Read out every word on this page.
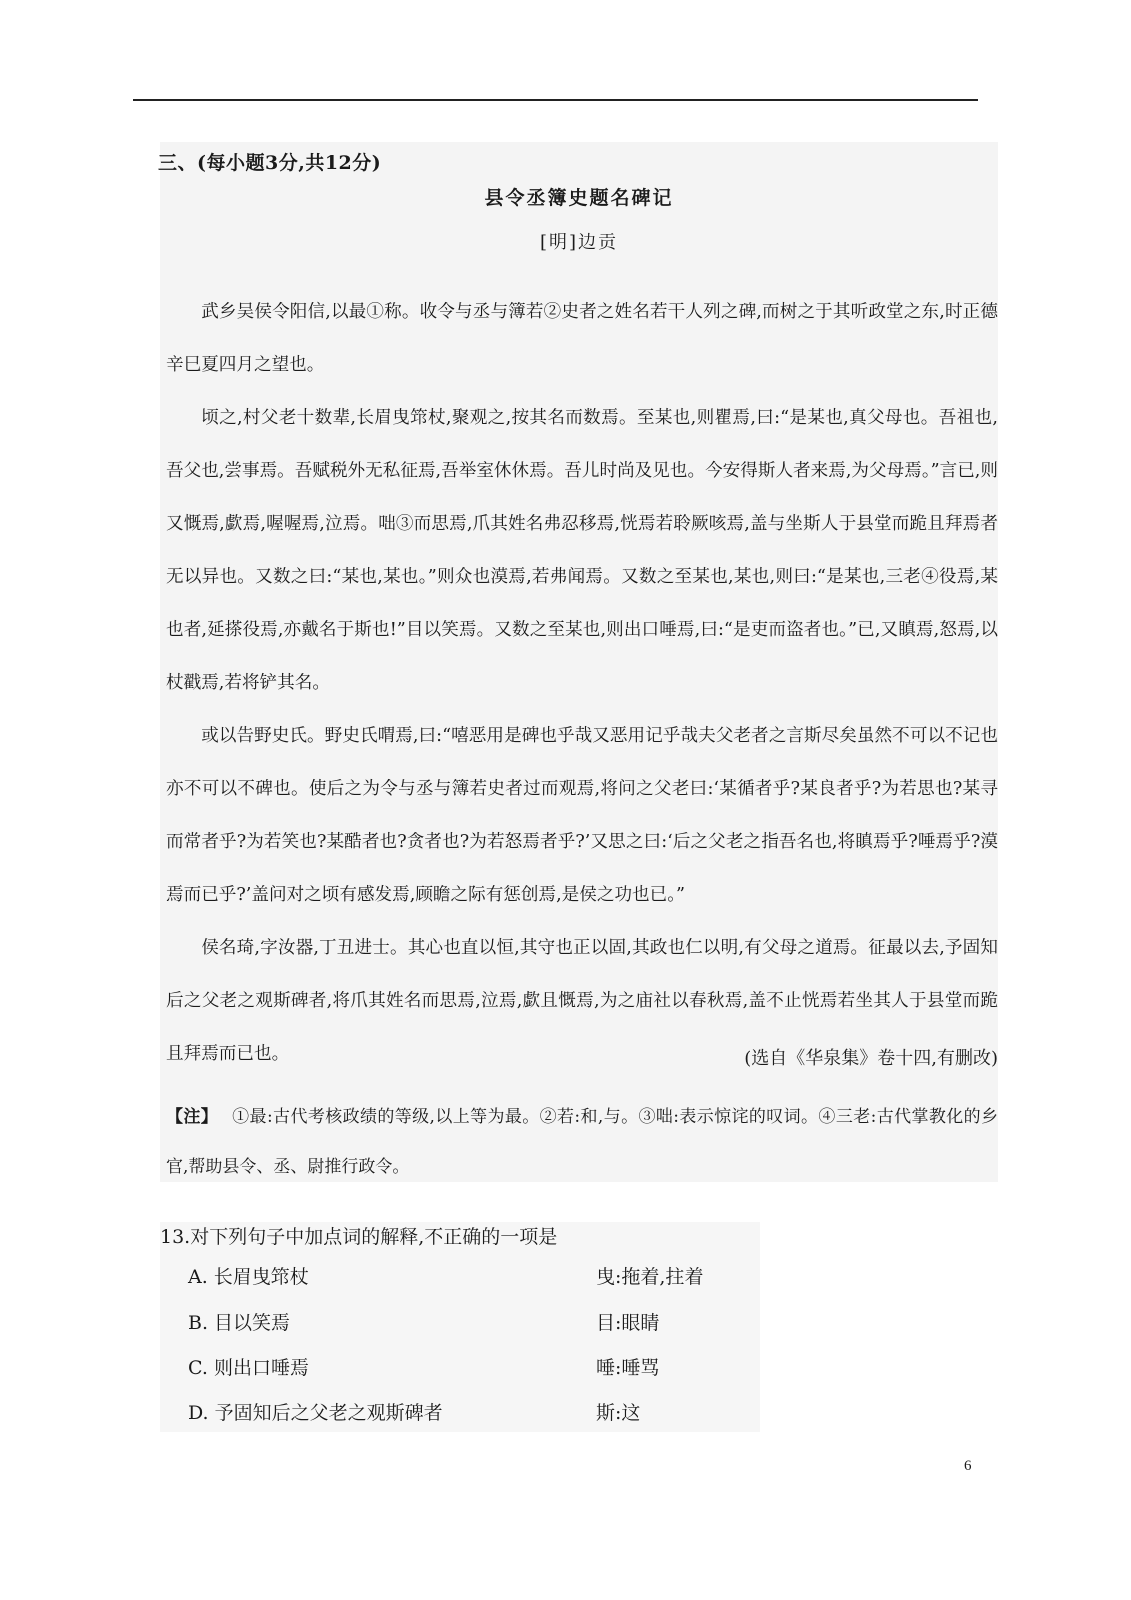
三、(每小题3分,共12分)
县令丞簿史题名碑记
[明]边贡

武乡吴侯令阳信,以最①称。收令与丞与簿若②史者之姓名若干人列之碑,而树之于其听政堂之东,时正德辛巳夏四月之望也。

顷之,村父老十数辈,长眉曳筇杖,聚观之,按其名而数焉。至某也,则瞿焉,曰:“是某也,真父母也。吾祖也,吾父也,尝事焉。吾赋税外无私征焉,吾举室休休焉。吾儿时尚及见也。今安得斯人者来焉,为父母焉。”言已,则又慨焉,歔焉,喔喔焉,泣焉。咄③而思焉,爪其姓名弗忍移焉,恍焉若聆厥咳焉,盖与坐斯人于县堂而跪且拜焉者无以异也。又数之曰:“某也,某也。”则众也漠焉,若弗闻焉。又数之至某也,某也,则曰:“是某也,三老④役焉,某也者,延搽役焉,亦戴名于斯也!”目以笑焉。又数之至某也,则出口唾焉,曰:“是吏而盗者也。”已,又瞋焉,怒焉,以杖戳焉,若将铲其名。

或以告野史氏。野史氏喟焉,曰:“嘻恶用是碑也乎哉又恶用记乎哉夫父老者之言斯尽矣虽然不可以不记也亦不可以不碑也。使后之为令与丞与簿若史者过而观焉,将问之父老曰:‘某循者乎?某良者乎?为若思也?某寻而常者乎?为若笑也?某酷者也?贪者也?为若怒焉者乎?’又思之曰:‘后之父老之指吾名也,将瞋焉乎?唾焉乎?漠焉而已乎?’盖问对之顷有感发焉,顾瞻之际有惩创焉,是侯之功也已。”

侯名琦,字汝器,丁丑进士。其心也直以恒,其守也正以固,其政也仁以明,有父母之道焉。征最以去,予固知后之父老之观斯碑者,将爪其姓名而思焉,泣焉,歔且慨焉,为之庙社以春秋焉,盖不止恍焉若坐其人于县堂而跪且拜焉而已也。	(选自《华泉集》卷十四,有删改)
【注】 ①最:古代考核政绩的等级,以上等为最。②若:和,与。③咄:表示惊诧的叹词。④三老:古代掌教化的乡官,帮助县令、丞、尉推行政令。
13.对下列句子中加点词的解释,不正确的一项是
A. 长眉曳筇杖	曳:拖着,拄着
B. 目以笑焉	目:眼睛
C. 则出口唾焉	唾:唾骂
D. 予固知后之父老之观斯碑者	斯:这
6
